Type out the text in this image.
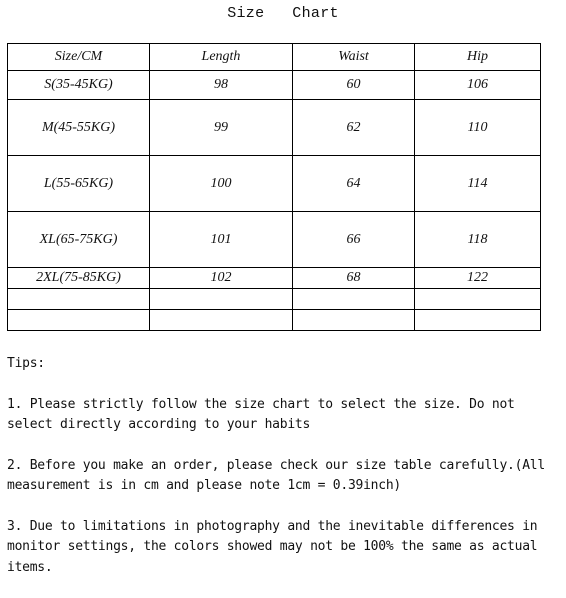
Size   Chart
Size/CM	Length	Waist	Hip
S(35-45KG)	98	60	106
M(45-55KG)	99	62	110
L(55-65KG)	100	64	114
XL(65-75KG)	101	66	118
2XL(75-85KG)	102	68	122

Tips:

1. Please strictly follow the size chart to select the size. Do not select directly according to your habits

2. Before you make an order, please check our size table carefully.(All measurement is in cm and please note 1cm = 0.39inch)

3. Due to limitations in photography and the inevitable differences in monitor settings, the colors showed may not be 100% the same as actual items.
